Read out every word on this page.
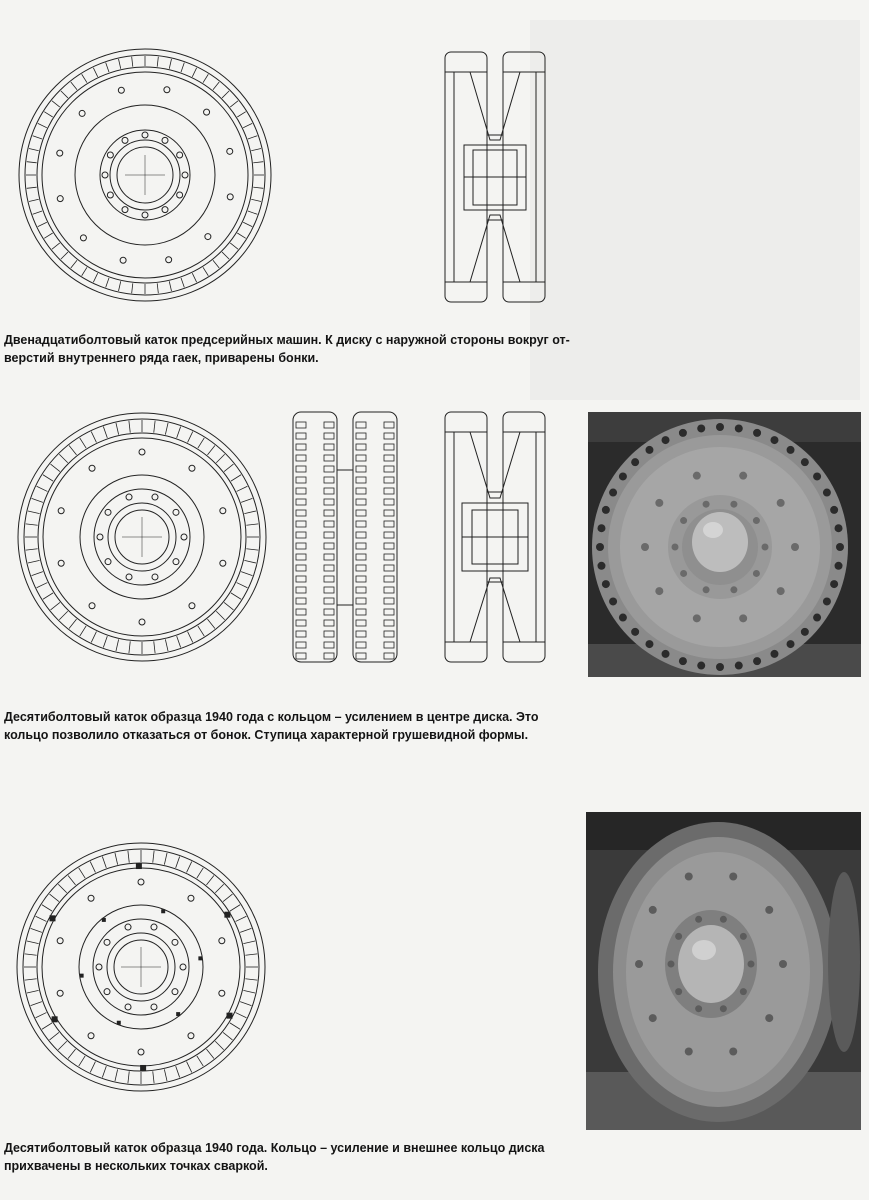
Двенадцатиболтовый каток предсерийных машин. К диску с наружной стороны вокруг от-
верстий внутреннего ряда гаек, приварены бонки.

Десятиболтовый каток образца 1940 года с кольцом – усилением в центре диска. Это
кольцо позволило отказаться от бонок. Ступица характерной грушевидной формы.

Десятиболтовый каток образца 1940 года. Кольцо – усиление и внешнее кольцо диска
прихвачены в нескольких точках сваркой.
